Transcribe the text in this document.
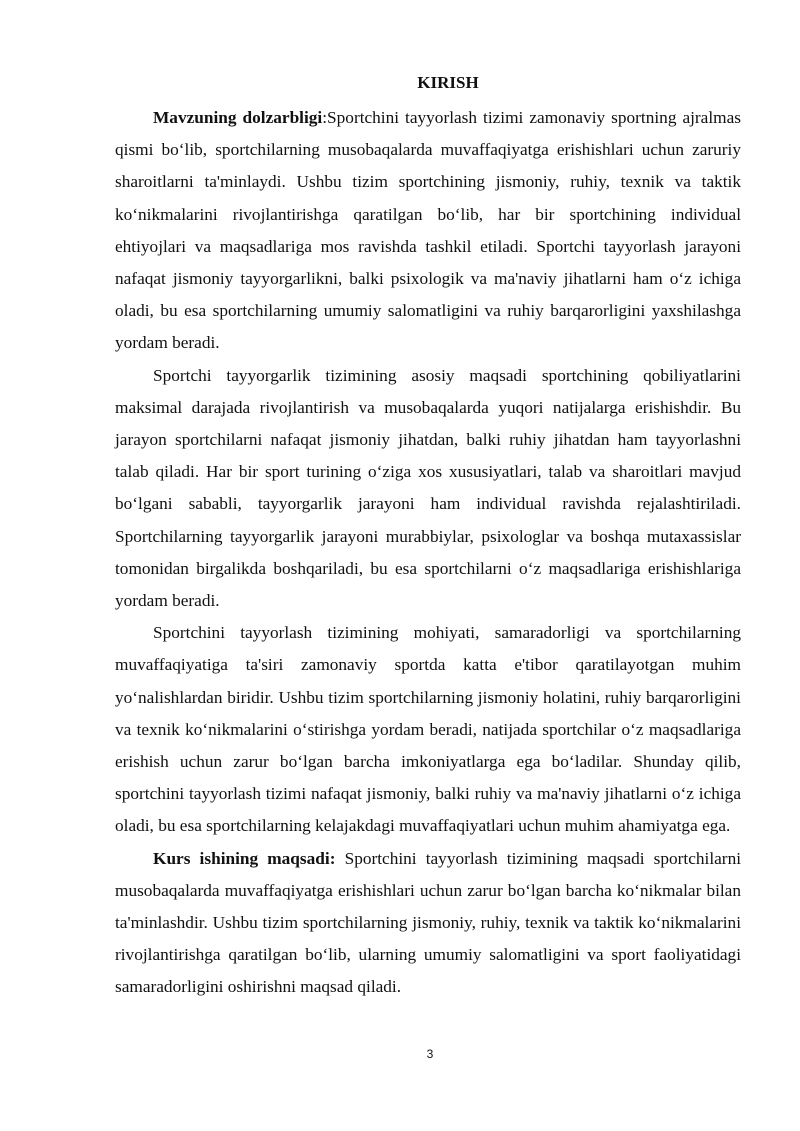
KIRISH

Mavzuning dolzarbligi:Sportchini tayyorlash tizimi zamonaviy sportning ajralmas qismi bo‘lib, sportchilarning musobaqalarda muvaffaqiyatga erishishlari uchun zaruriy sharoitlarni ta'minlaydi. Ushbu tizim sportchining jismoniy, ruhiy, texnik va taktik ko‘nikmalarini rivojlantirishga qaratilgan bo‘lib, har bir sportchining individual ehtiyojlari va maqsadlariga mos ravishda tashkil etiladi. Sportchi tayyorlash jarayoni nafaqat jismoniy tayyorgarlikni, balki psixologik va ma'naviy jihatlarni ham o‘z ichiga oladi, bu esa sportchilarning umumiy salomatligini va ruhiy barqarorligini yaxshilashga yordam beradi.

Sportchi tayyorgarlik tizimining asosiy maqsadi sportchining qobiliyatlarini maksimal darajada rivojlantirish va musobaqalarda yuqori natijalarga erishishdir. Bu jarayon sportchilarni nafaqat jismoniy jihatdan, balki ruhiy jihatdan ham tayyorlashni talab qiladi. Har bir sport turining o‘ziga xos xususiyatlari, talab va sharoitlari mavjud bo‘lgani sababli, tayyorgarlik jarayoni ham individual ravishda rejalashtiriladi. Sportchilarning tayyorgarlik jarayoni murabbiylar, psixologlar va boshqa mutaxassislar tomonidan birgalikda boshqariladi, bu esa sportchilarni o‘z maqsadlariga erishishlariga yordam beradi.

Sportchini tayyorlash tizimining mohiyati, samaradorligi va sportchilarning muvaffaqiyatiga ta'siri zamonaviy sportda katta e'tibor qaratilayotgan muhim yo‘nalishlardan biridir. Ushbu tizim sportchilarning jismoniy holatini, ruhiy barqarorligini va texnik ko‘nikmalarini o‘stirishga yordam beradi, natijada sportchilar o‘z maqsadlariga erishish uchun zarur bo‘lgan barcha imkoniyatlarga ega bo‘ladilar. Shunday qilib, sportchini tayyorlash tizimi nafaqat jismoniy, balki ruhiy va ma'naviy jihatlarni o‘z ichiga oladi, bu esa sportchilarning kelajakdagi muvaffaqiyatlari uchun muhim ahamiyatga ega.

Kurs ishining maqsadi: Sportchini tayyorlash tizimining maqsadi sportchilarni musobaqalarda muvaffaqiyatga erishishlari uchun zarur bo‘lgan barcha ko‘nikmalar bilan ta'minlashdir. Ushbu tizim sportchilarning jismoniy, ruhiy, texnik va taktik ko‘nikmalarini rivojlantirishga qaratilgan bo‘lib, ularning umumiy salomatligini va sport faoliyatidagi samaradorligini oshirishni maqsad qiladi.

3
